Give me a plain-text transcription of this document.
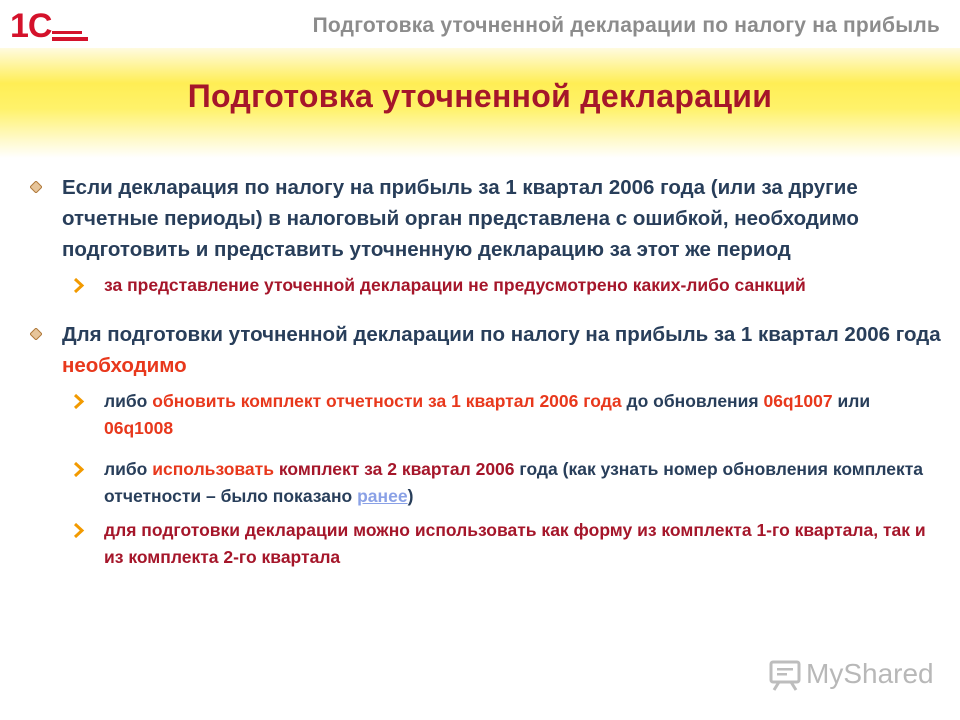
1С	Подготовка уточненной декларации по налогу на прибыль
Подготовка уточненной декларации
Если декларация по налогу на прибыль за 1 квартал 2006 года (или за другие отчетные периоды) в налоговый орган представлена с ошибкой, необходимо подготовить и представить уточненную декларацию за этот же период
за представление уточенной декларации не предусмотрено каких-либо санкций
Для подготовки уточненной декларации по налогу на прибыль за 1 квартал 2006 года необходимо
либо обновить комплект отчетности за 1 квартал 2006 года до обновления 06q1007 или 06q1008
либо использовать комплект за 2 квартал 2006 года (как узнать номер обновления комплекта отчетности – было показано ранее)
для подготовки декларации можно использовать как форму из комплекта 1-го квартала, так и из комплекта 2-го квартала
MyShared
